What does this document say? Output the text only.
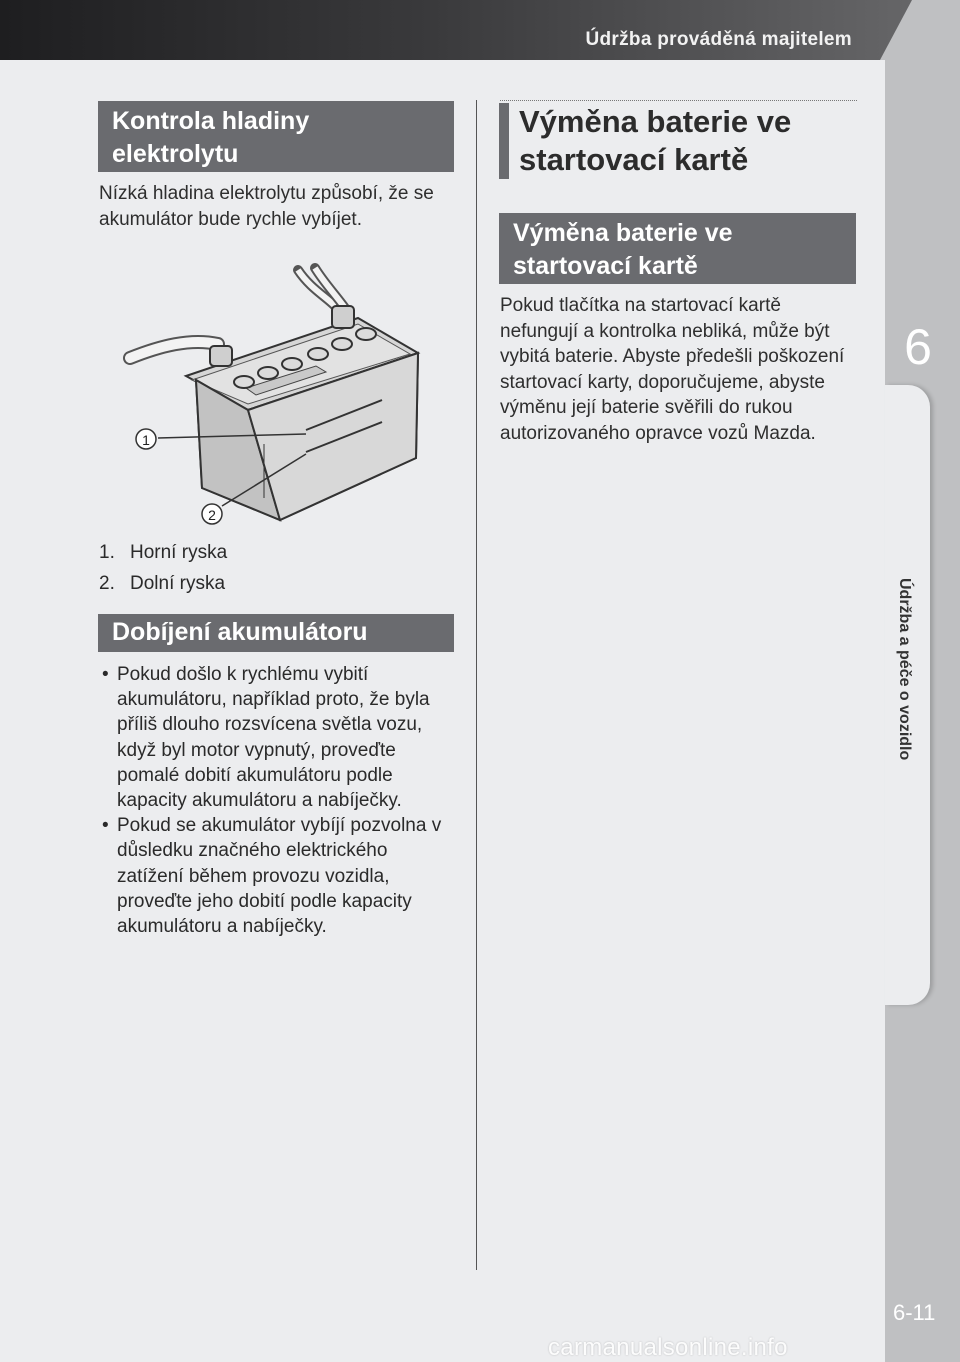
Údržba prováděná majitelem
6
Údržba a péče o vozidlo
Kontrola hladiny elektrolytu
Nízká hladina elektrolytu způsobí, že se akumulátor bude rychle vybíjet.
1
2
1. Horní ryska
2. Dolní ryska
Dobíjení akumulátoru
• Pokud došlo k rychlému vybití akumulátoru, například proto, že byla příliš dlouho rozsvícena světla vozu, když byl motor vypnutý, proveďte pomalé dobití akumulátoru podle kapacity akumulátoru a nabíječky.
• Pokud se akumulátor vybíjí pozvolna v důsledku značného elektrického zatížení během provozu vozidla, proveďte jeho dobití podle kapacity akumulátoru a nabíječky.
Výměna baterie ve startovací kartě
Výměna baterie ve startovací kartě
Pokud tlačítka na startovací kartě nefungují a kontrolka nebliká, může být vybitá baterie. Abyste předešli poškození startovací karty, doporučujeme, abyste výměnu její baterie svěřili do rukou autorizovaného opravce vozů Mazda.
6-11
carmanualsonline.info
